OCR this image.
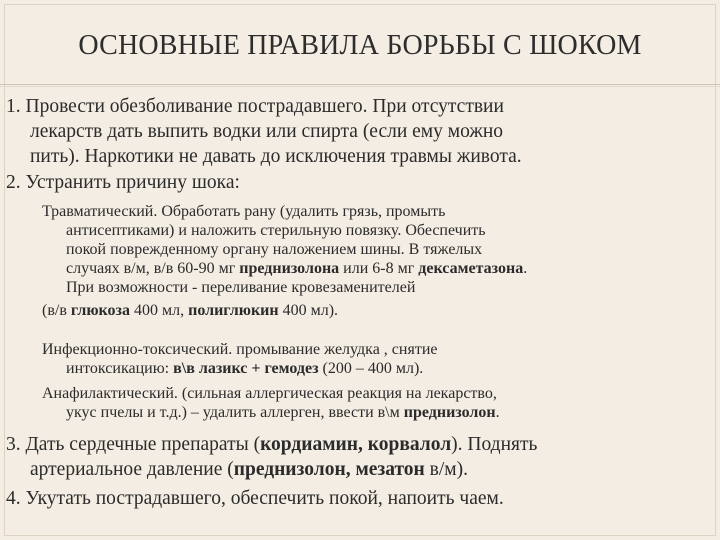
ОСНОВНЫЕ ПРАВИЛА БОРЬБЫ С ШОКОМ
1. Провести обезболивание пострадавшего. При отсутствии
лекарств дать выпить водки или спирта (если ему можно
пить). Наркотики не давать до исключения травмы живота.
2. Устранить причину шока:
Травматический. Обработать рану (удалить грязь, промыть
антисептиками) и наложить стерильную повязку. Обеспечить
покой поврежденному органу наложением шины. В тяжелых
случаях в/м, в/в 60-90 мг преднизолона или 6-8 мг дексаметазона.
При возможности - переливание кровезаменителей
(в/в глюкоза 400 мл, полиглюкин 400 мл).
Инфекционно-токсический. промывание желудка , снятие
интоксикацию: в\в лазикс + гемодез (200 – 400 мл).
Анафилактический. (сильная аллергическая реакция на лекарство,
укус пчелы и т.д.) – удалить аллерген, ввести в\м преднизолон.
3. Дать сердечные препараты (кордиамин, корвалол). Поднять
артериальное давление (преднизолон, мезатон в/м).
4. Укутать пострадавшего, обеспечить покой, напоить чаем.
